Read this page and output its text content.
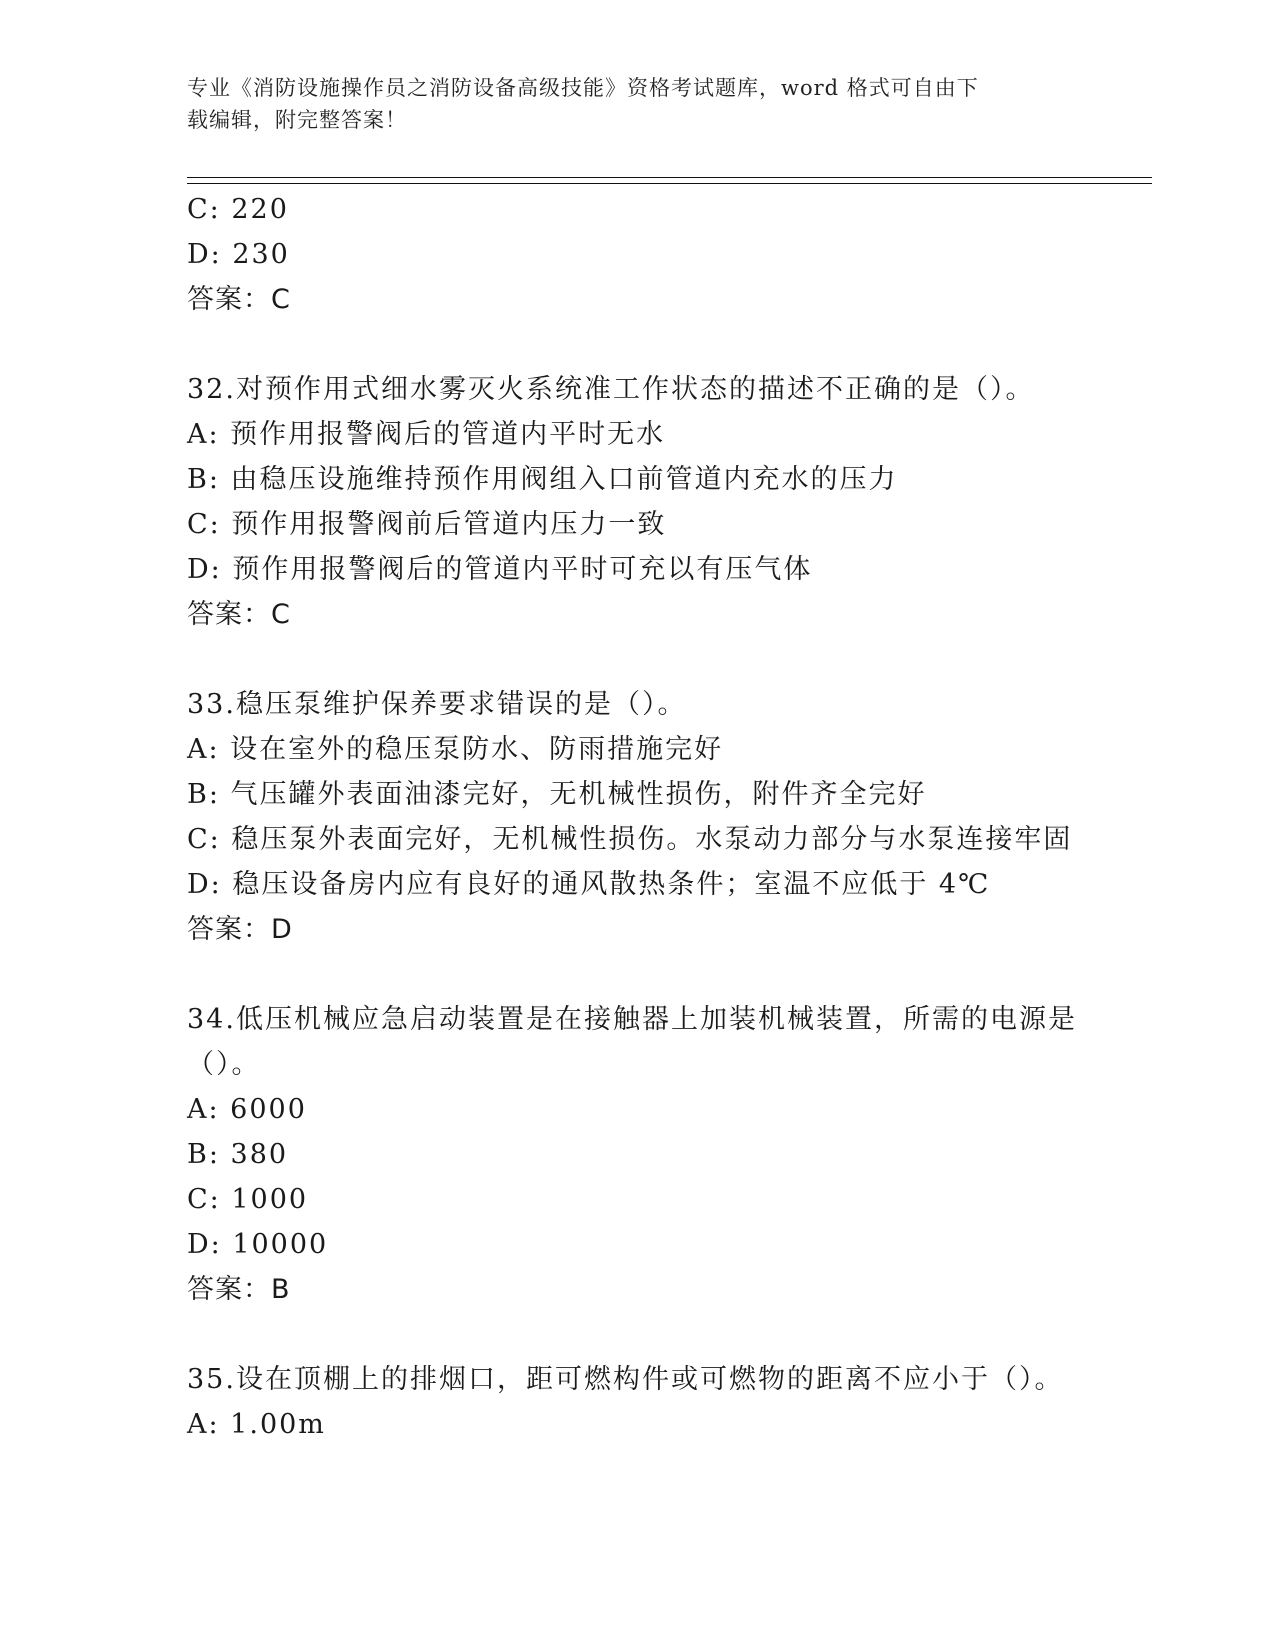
专业《消防设施操作员之消防设备高级技能》资格考试题库，word 格式可自由下
载编辑，附完整答案！
C: 220
D: 230
答案：C
32.对预作用式细水雾灭火系统准工作状态的描述不正确的是（）。
A: 预作用报警阀后的管道内平时无水
B: 由稳压设施维持预作用阀组入口前管道内充水的压力
C: 预作用报警阀前后管道内压力一致
D: 预作用报警阀后的管道内平时可充以有压气体
答案：C
33.稳压泵维护保养要求错误的是（）。
A: 设在室外的稳压泵防水、防雨措施完好
B: 气压罐外表面油漆完好，无机械性损伤，附件齐全完好
C: 稳压泵外表面完好，无机械性损伤。水泵动力部分与水泵连接牢固
D: 稳压设备房内应有良好的通风散热条件；室温不应低于 4℃
答案：D
34.低压机械应急启动装置是在接触器上加装机械装置，所需的电源是
（）。
A: 6000
B: 380
C: 1000
D: 10000
答案：B
35.设在顶棚上的排烟口，距可燃构件或可燃物的距离不应小于（）。
A: 1.00m
